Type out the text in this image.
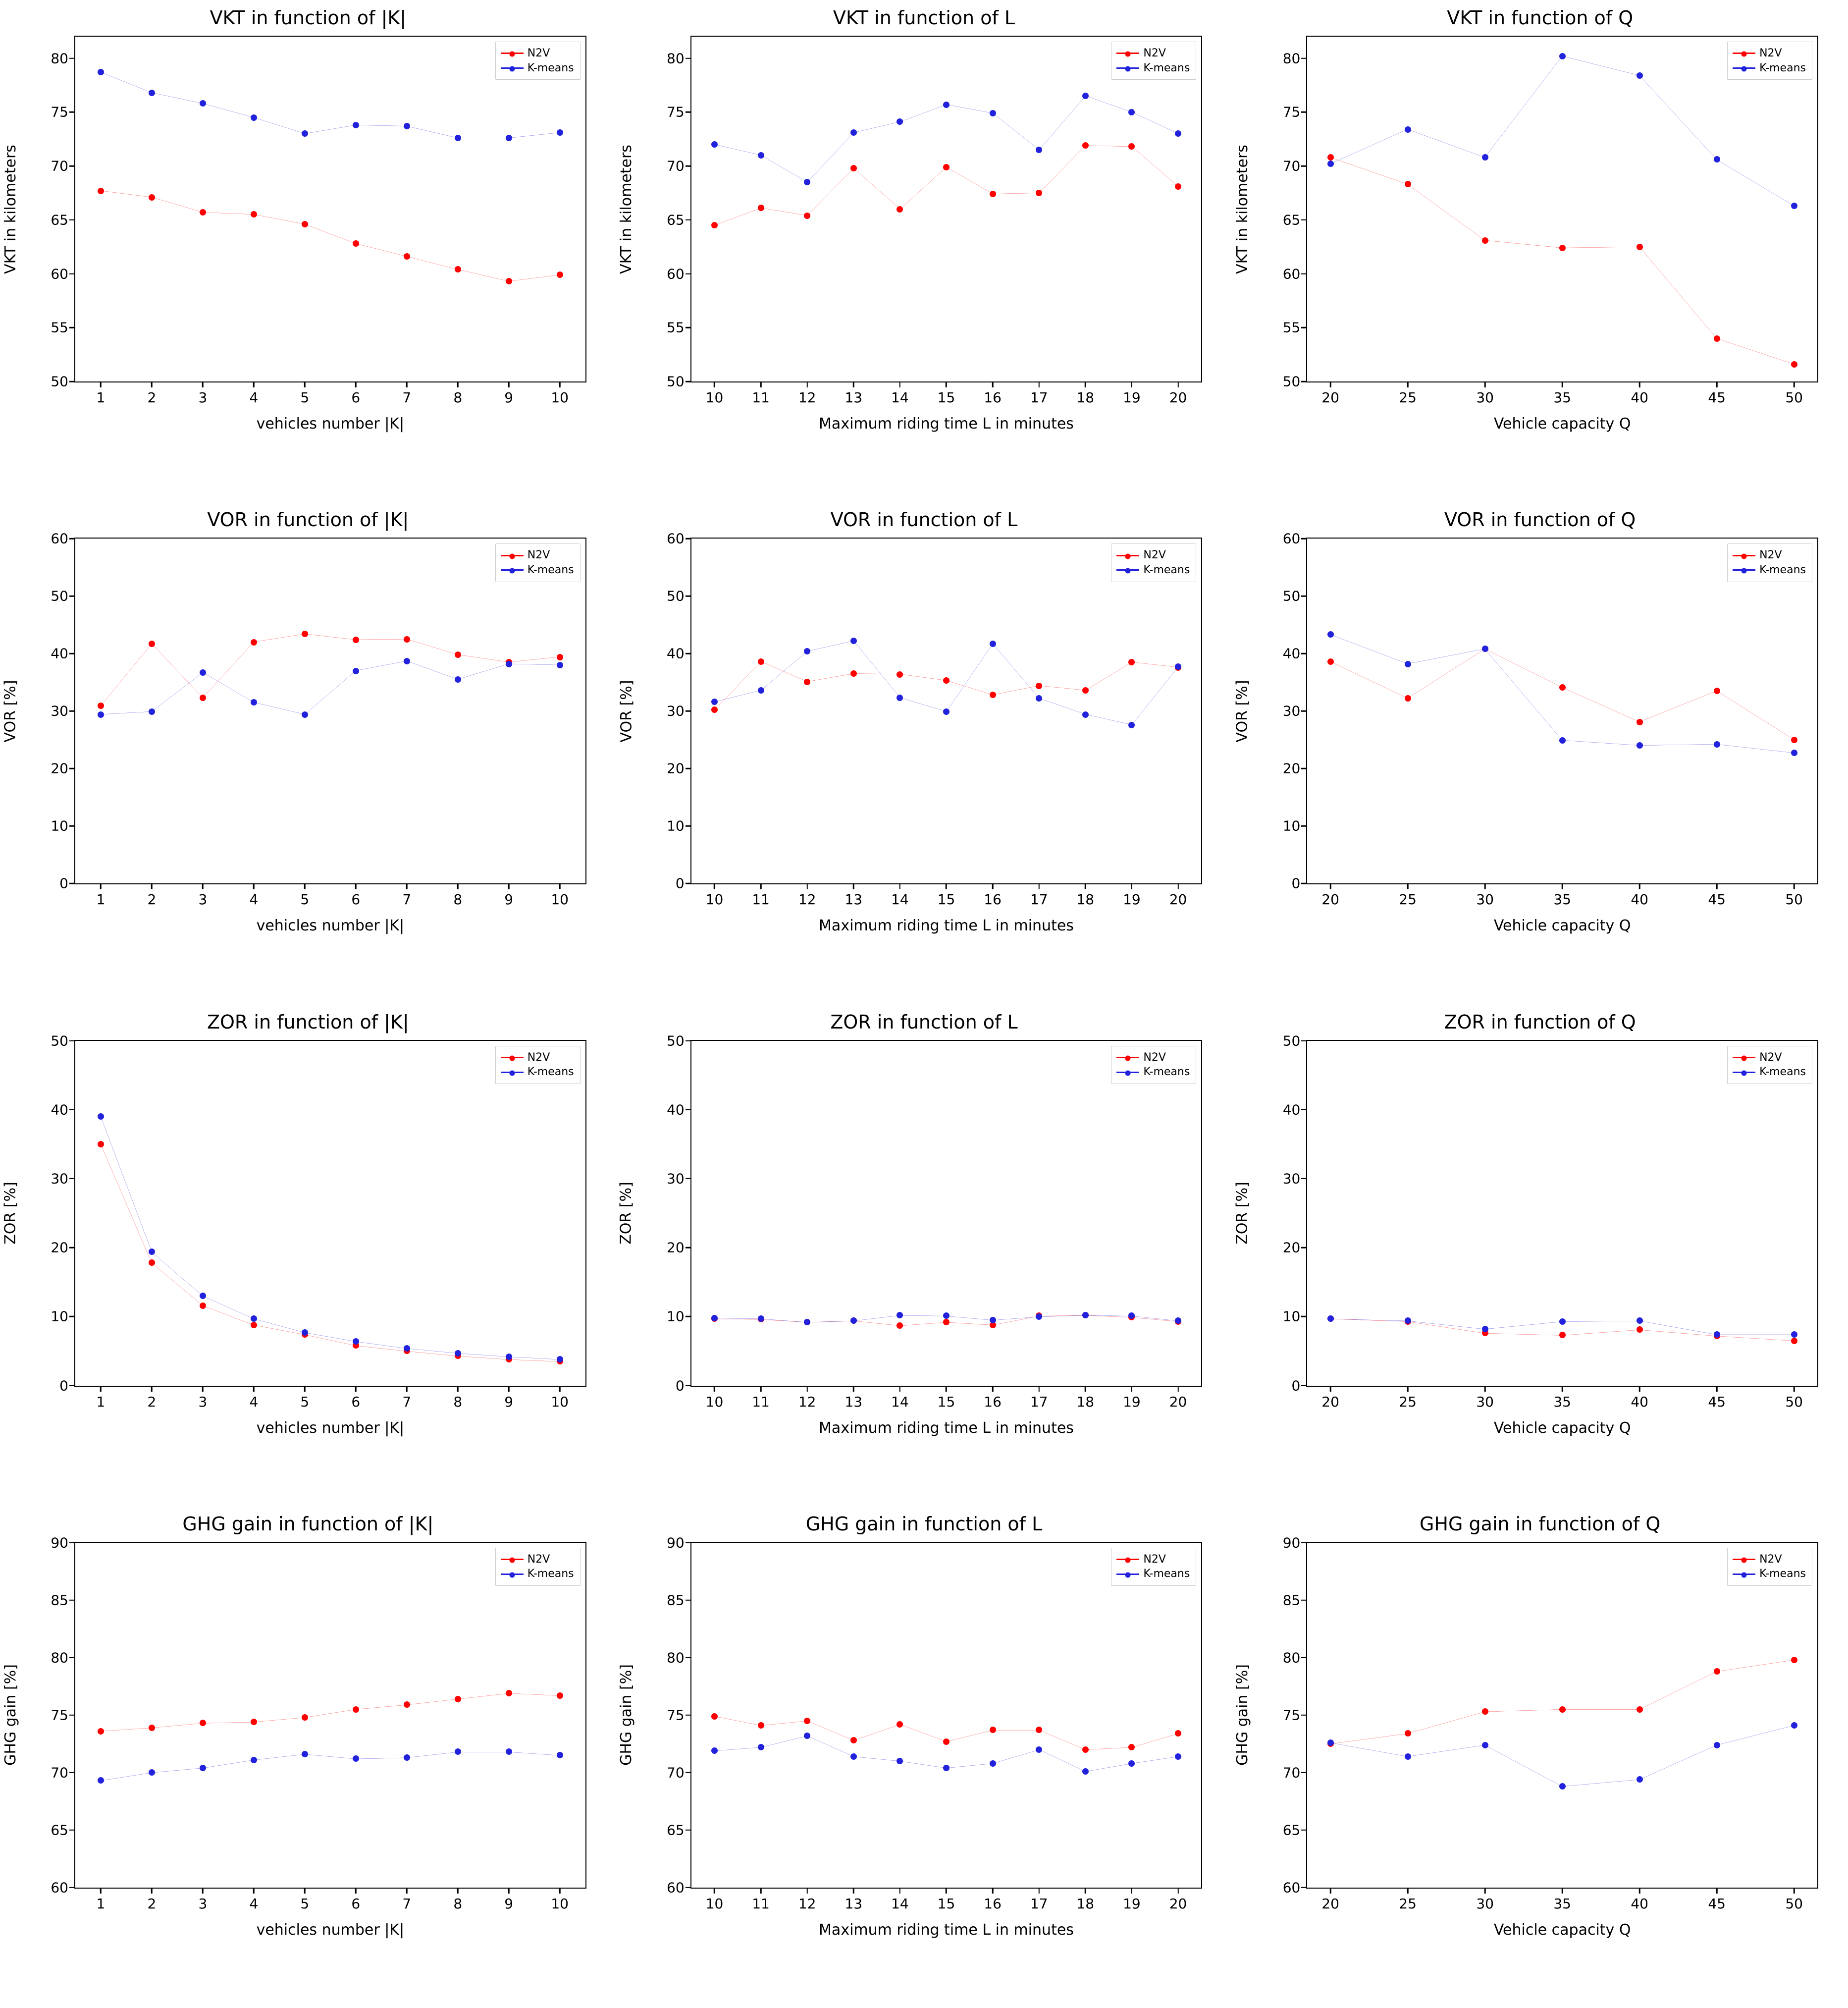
VKT in function of |K|
VKT in kilometers
vehicles number |K|
50
55
60
65
70
75
80
1	2	3	4	5	6	7	8	9	10
N2V
K-means
VKT in function of L
VKT in kilometers
Maximum riding time L in minutes
50
55
60
65
70
75
80
10 11 12 13 14 15 16 17 18 19 20
N2V
K-means
VKT in function of Q
VKT in kilometers
Vehicle capacity Q
50
55
60
65
70
75
80
20	25	30	35	40	45	50
N2V
K-means
VOR in function of |K|
VOR [%]
vehicles number |K|
0
10
20
30
40
50
60
1	2	3	4	5	6	7	8	9	10
N2V
K-means
VOR in function of L
VOR [%]
Maximum riding time L in minutes
0
10
20
30
40
50
60
10 11 12 13 14 15 16 17 18 19 20
N2V
K-means
VOR in function of Q
VOR [%]
Vehicle capacity Q
0
10
20
30
40
50
60
20	25	30	35	40	45	50
N2V
K-means
ZOR in function of |K|
ZOR [%]
vehicles number |K|
0
10
20
30
40
50
1	2	3	4	5	6	7	8	9	10
N2V
K-means
ZOR in function of L
ZOR [%]
Maximum riding time L in minutes
0
10
20
30
40
50
10 11 12 13 14 15 16 17 18 19 20
N2V
K-means
ZOR in function of Q
ZOR [%]
Vehicle capacity Q
0
10
20
30
40
50
20	25	30	35	40	45	50
N2V
K-means
GHG gain in function of |K|
GHG gain [%]
vehicles number |K|
60
65
70
75
80
85
90
1	2	3	4	5	6	7	8	9	10
N2V
K-means
GHG gain in function of L
GHG gain [%]
Maximum riding time L in minutes
60
65
70
75
80
85
90
10 11 12 13 14 15 16 17 18 19 20
N2V
K-means
GHG gain in function of Q
GHG gain [%]
Vehicle capacity Q
60
65
70
75
80
85
90
20	25	30	35	40	45	50
N2V
K-means
